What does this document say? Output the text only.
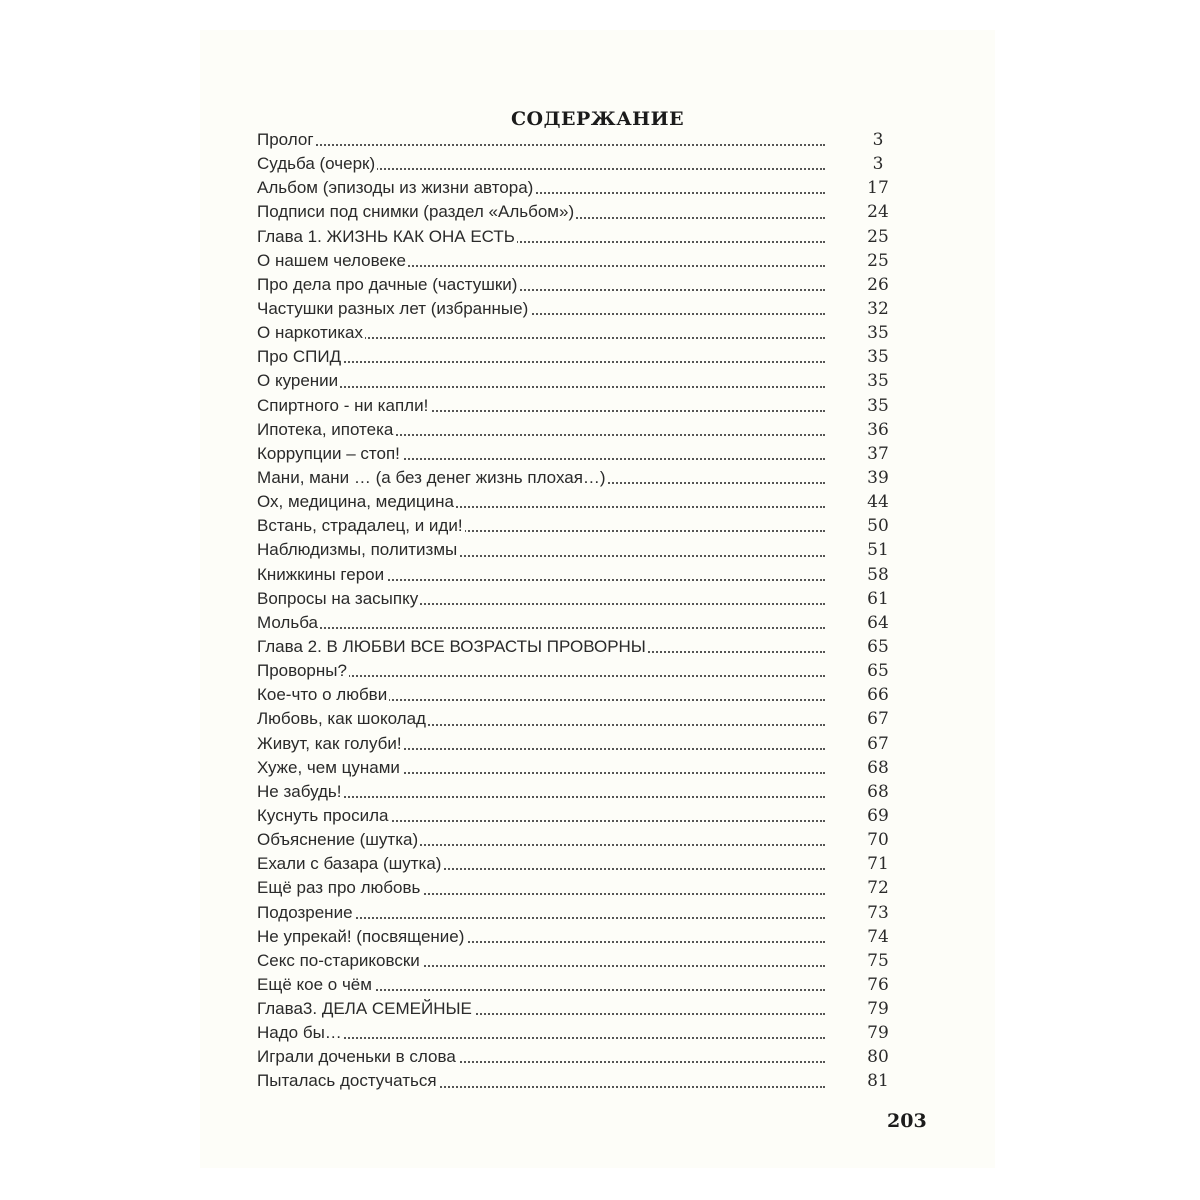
СОДЕРЖАНИЕ
Пролог	3
Судьба (очерк)	3
Альбом (эпизоды из жизни автора)	17
Подписи под снимки (раздел «Альбом»)	24
Глава 1. ЖИЗНЬ КАК ОНА ЕСТЬ	25
О нашем человеке	25
Про дела про дачные (частушки)	26
Частушки разных лет (избранные)	32
О наркотиках	35
Про СПИД	35
О курении	35
Спиртного - ни капли!	35
Ипотека, ипотека	36
Коррупции – стоп!	37
Мани, мани … (а без денег жизнь плохая…)	39
Ох, медицина, медицина	44
Встань, страдалец, и иди!	50
Наблюдизмы, политизмы	51
Книжкины герои	58
Вопросы на засыпку	61
Мольба	64
Глава 2. В ЛЮБВИ ВСЕ ВОЗРАСТЫ ПРОВОРНЫ	65
Проворны?	65
Кое-что о любви	66
Любовь, как шоколад	67
Живут, как голуби!	67
Хуже, чем цунами	68
Не забудь!	68
Куснуть просила	69
Объяснение (шутка)	70
Ехали с базара (шутка)	71
Ещё раз про любовь	72
Подозрение	73
Не упрекай! (посвящение)	74
Секс по-стариковски	75
Ещё кое о чём	76
Глава3. ДЕЛА СЕМЕЙНЫЕ	79
Надо бы…	79
Играли доченьки в слова	80
Пыталась достучаться	81
203
